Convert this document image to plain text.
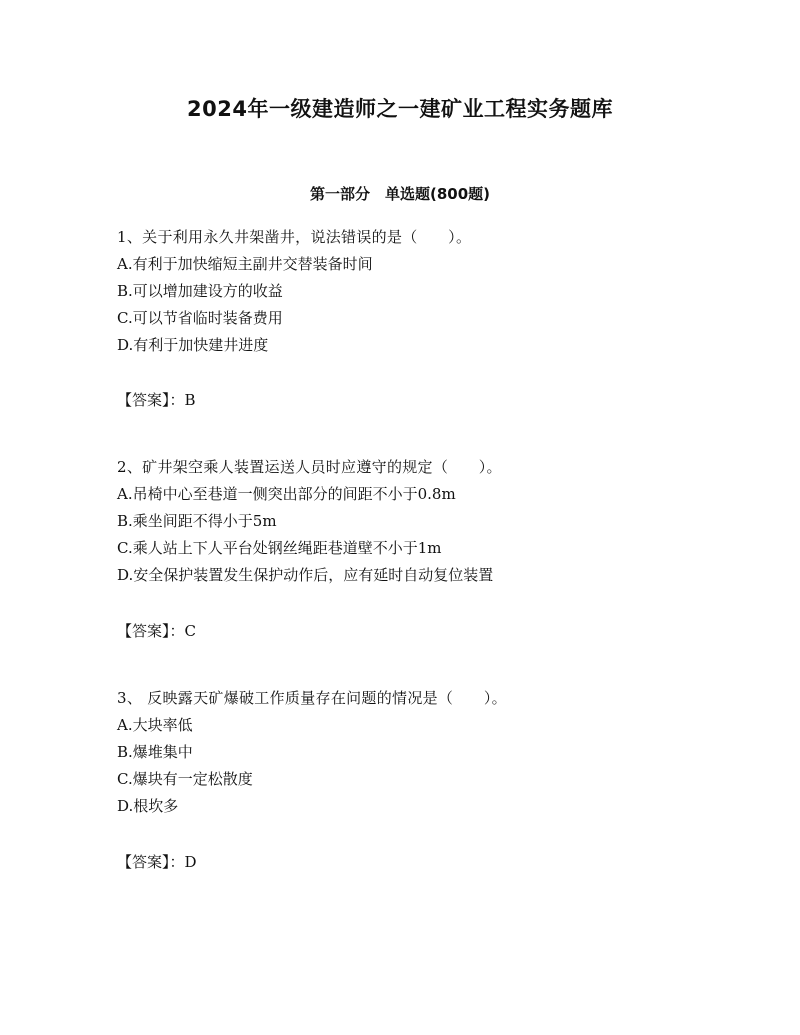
2024年一级建造师之一建矿业工程实务题库
第一部分　单选题(800题)
1、关于利用永久井架凿井，说法错误的是（　　）。
A.有利于加快缩短主副井交替装备时间
B.可以增加建设方的收益
C.可以节省临时装备费用
D.有利于加快建井进度
【答案】：B
2、矿井架空乘人装置运送人员时应遵守的规定（　　）。
A.吊椅中心至巷道一侧突出部分的间距不小于0.8m
B.乘坐间距不得小于5m
C.乘人站上下人平台处钢丝绳距巷道壁不小于1m
D.安全保护装置发生保护动作后，应有延时自动复位装置
【答案】：C
3、 反映露天矿爆破工作质量存在问题的情况是（　　）。
A.大块率低
B.爆堆集中
C.爆块有一定松散度
D.根坎多
【答案】：D
